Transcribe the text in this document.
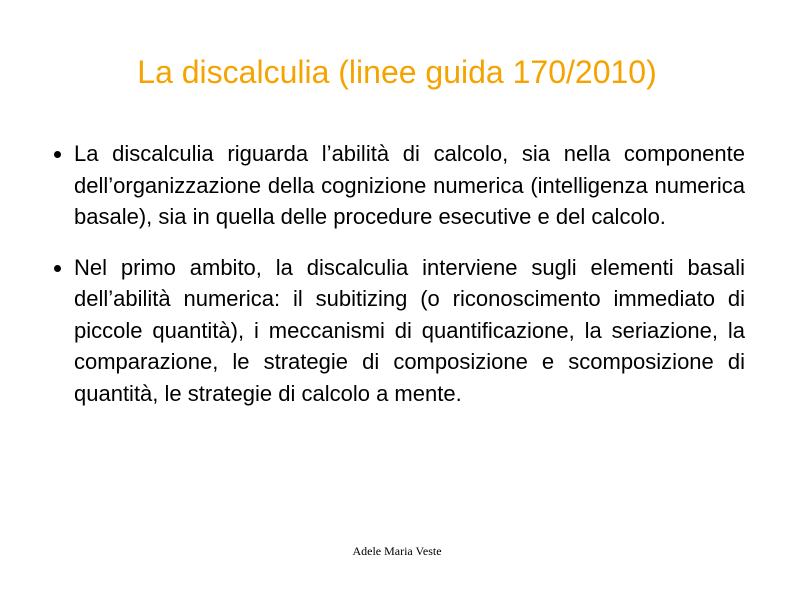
La discalculia (linee guida 170/2010)
La discalculia riguarda l’abilità di calcolo, sia nella componente dell’organizzazione della cognizione numerica (intelligenza numerica basale), sia in quella delle procedure esecutive e del calcolo.
Nel primo ambito, la discalculia interviene sugli elementi basali dell’abilità numerica: il subitizing (o riconoscimento immediato di piccole quantità), i meccanismi di quantificazione, la seriazione, la comparazione, le strategie di composizione e scomposizione di quantità, le strategie di calcolo a mente.
Adele Maria Veste
